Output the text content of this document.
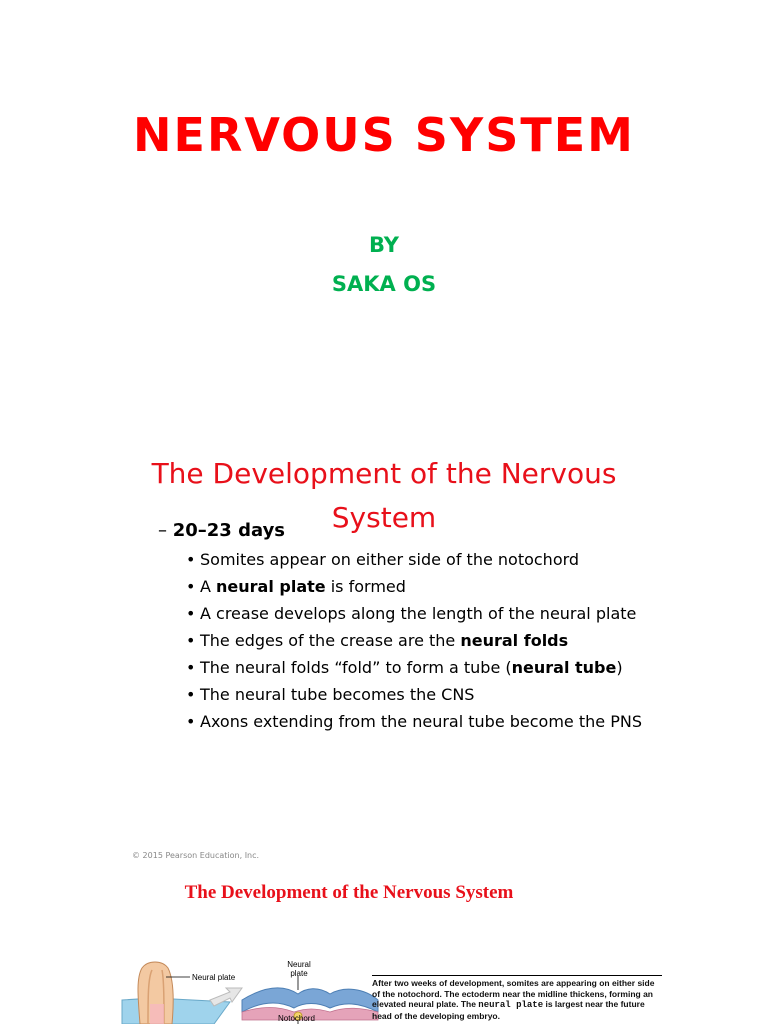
NERVOUS SYSTEM
BY
SAKA OS
The Development of the Nervous System
– 20–23 days
• Somites appear on either side of the notochord
• A neural plate is formed
• A crease develops along the length of the neural plate
• The edges of the crease are the neural folds
• The neural folds “fold” to form a tube (neural tube)
• The neural tube becomes the CNS
• Axons extending from the neural tube become the PNS
© 2015 Pearson Education, Inc.
The Development of the Nervous System
Neural plate
Neural plate
Notochord
After two weeks of development, somites are appearing on either side of the notochord. The ectoderm near the midline thickens, forming an elevated neural plate. The neural plate is largest near the future head of the developing embryo.
